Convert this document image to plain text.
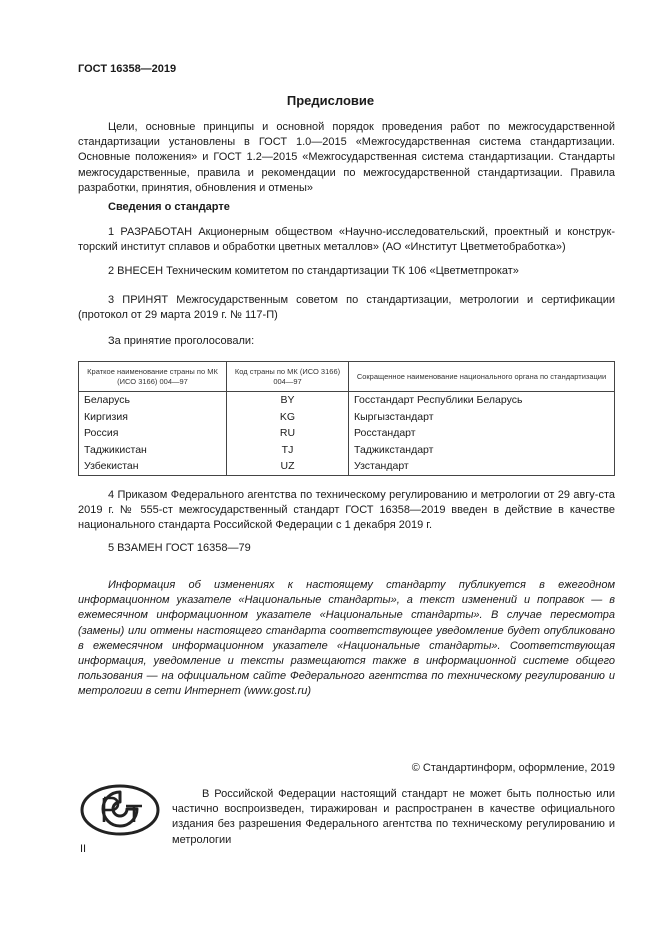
ГОСТ 16358—2019
Предисловие
Цели, основные принципы и основной порядок проведения работ по межгосударственной стандартизации установлены в ГОСТ 1.0—2015 «Межгосударственная система стандартизации. Основные положения» и ГОСТ 1.2—2015 «Межгосударственная система стандартизации. Стандарты межгосударственные, правила и рекомендации по межгосударственной стандартизации. Правила разработки, принятия, обновления и отмены»
Сведения о стандарте
1 РАЗРАБОТАН Акционерным обществом «Научно-исследовательский, проектный и конструк-торский институт сплавов и обработки цветных металлов» (АО «Институт Цветметобработка»)
2 ВНЕСЕН Техническим комитетом по стандартизации ТК 106 «Цветметпрокат»
3 ПРИНЯТ Межгосударственным советом по стандартизации, метрологии и сертификации (протокол от 29 марта 2019 г. № 117-П)
За принятие проголосовали:
Краткое наименование страны по МК (ИСО 3166) 004—97	Код страны по МК (ИСО 3166) 004—97	Сокращенное наименование национального органа по стандартизации
Беларусь	BY	Госстандарт Республики Беларусь
Киргизия	KG	Кыргызстандарт
Россия	RU	Росстандарт
Таджикистан	TJ	Таджикстандарт
Узбекистан	UZ	Узстандарт
4 Приказом Федерального агентства по техническому регулированию и метрологии от 29 авгу-ста 2019 г. № 555-ст межгосударственный стандарт ГОСТ 16358—2019 введен в действие в качестве национального стандарта Российской Федерации с 1 декабря 2019 г.
5 ВЗАМЕН ГОСТ 16358—79
Информация об изменениях к настоящему стандарту публикуется в ежегодном информационном указателе «Национальные стандарты», а текст изменений и поправок — в ежемесячном информационном указателе «Национальные стандарты». В случае пересмотра (замены) или отмены настоящего стандарта соответствующее уведомление будет опубликовано в ежемесячном информационном указателе «Национальные стандарты». Соответствующая информация, уведомление и тексты размещаются также в информационной системе общего пользования — на официальном сайте Федерального агентства по техническому регулированию и метрологии в сети Интернет (www.gost.ru)
© Стандартинформ, оформление, 2019
В Российской Федерации настоящий стандарт не может быть полностью или частично воспроизведен, тиражирован и распространен в качестве официального издания без разрешения Федерального агентства по техническому регулированию и метрологии
II
